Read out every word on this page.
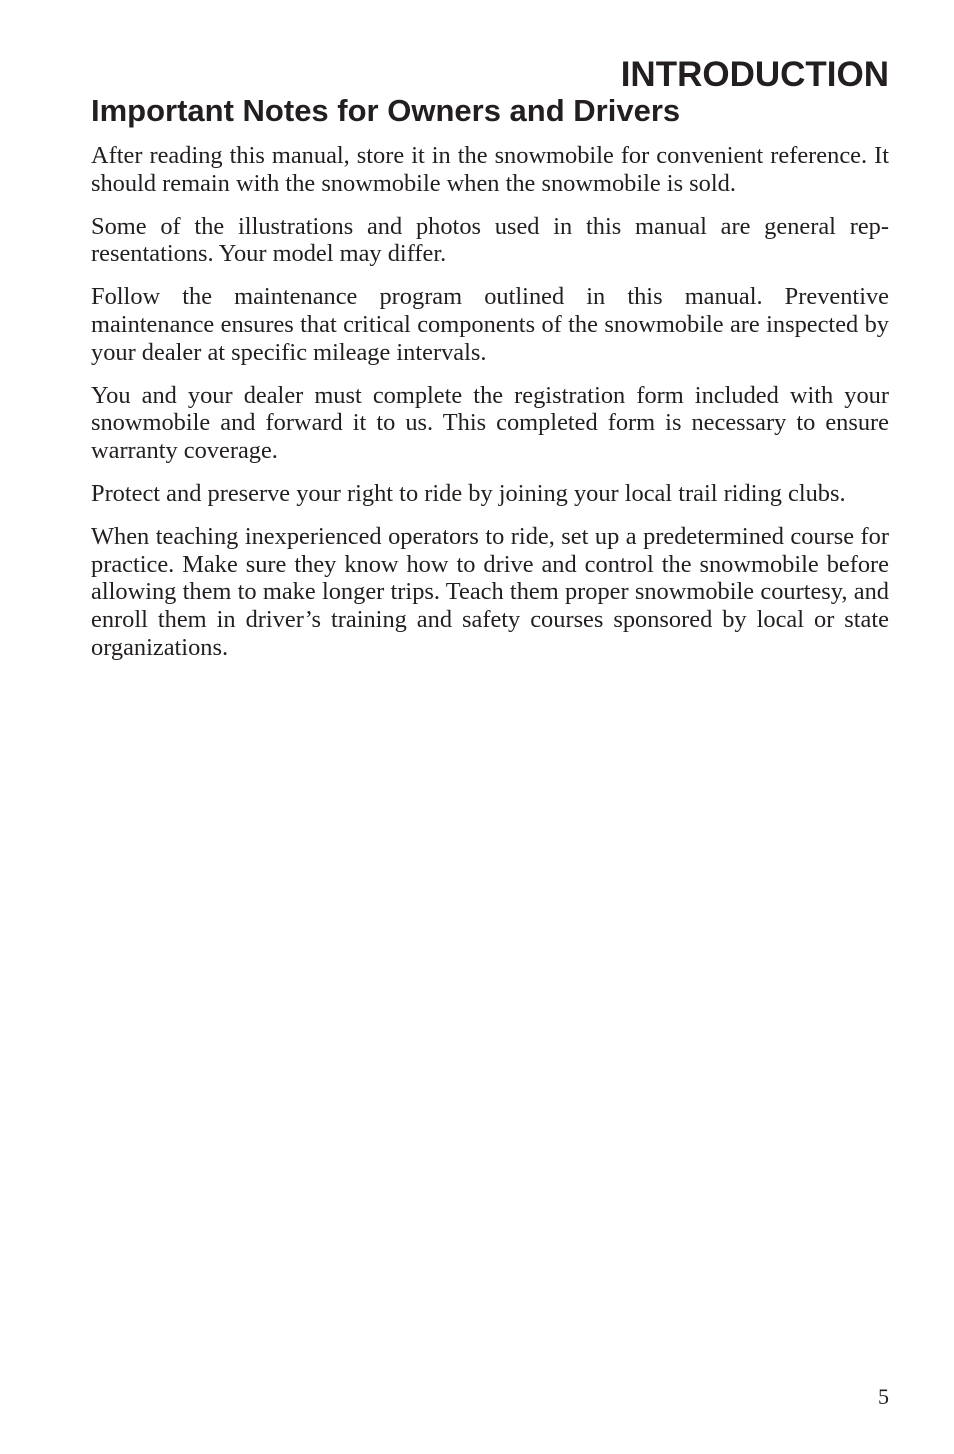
INTRODUCTION
Important Notes for Owners and Drivers

After reading this manual, store it in the snowmobile for convenient reference. It should remain with the snowmobile when the snowmobile is sold.

Some of the illustrations and photos used in this manual are general representations. Your model may differ.

Follow the maintenance program outlined in this manual. Preventive maintenance ensures that critical components of the snowmobile are inspected by your dealer at specific mileage intervals.

You and your dealer must complete the registration form included with your snowmobile and forward it to us. This completed form is necessary to ensure warranty coverage.

Protect and preserve your right to ride by joining your local trail riding clubs.

When teaching inexperienced operators to ride, set up a predetermined course for practice. Make sure they know how to drive and control the snowmobile before allowing them to make longer trips. Teach them proper snowmobile courtesy, and enroll them in driver’s training and safety courses sponsored by local or state organizations.

5
